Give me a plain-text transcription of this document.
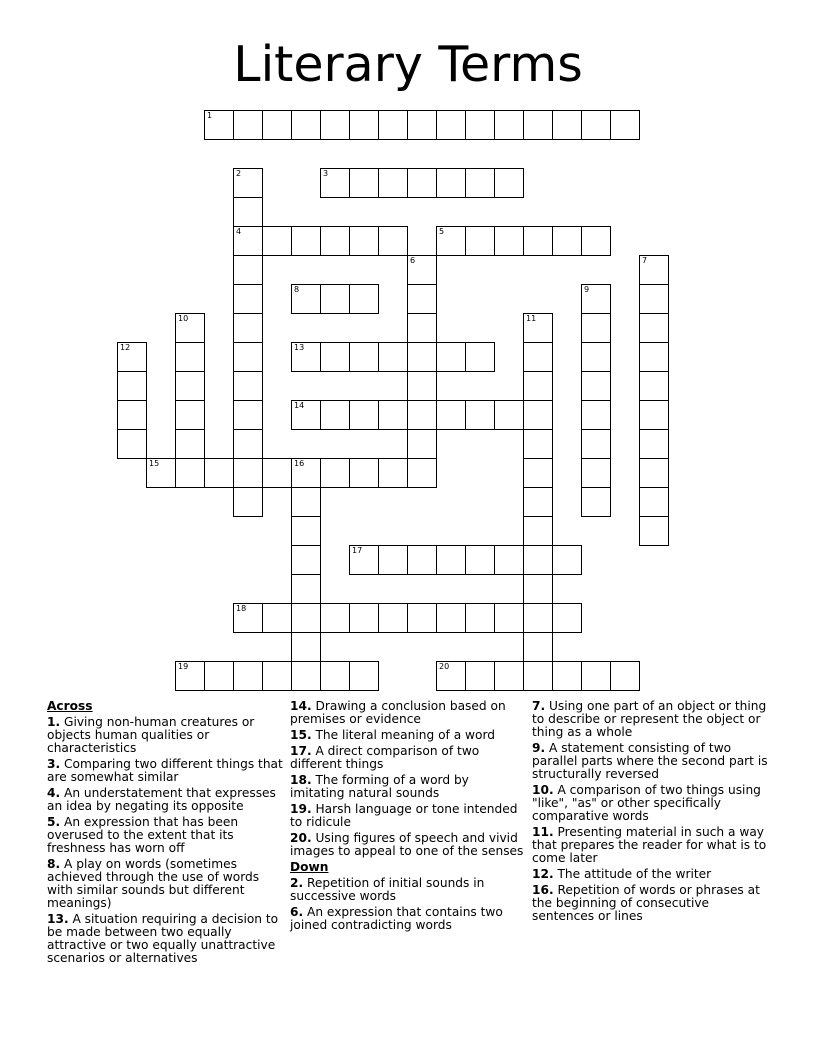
Literary Terms
1
2
4
3
5
6	7
8	9
10	11
12	13
14
15	16
17
18
19	20
Across
1. Giving non-human creatures or objects human qualities or characteristics
3. Comparing two different things that are somewhat similar
4. An understatement that expresses an idea by negating its opposite
5. An expression that has been overused to the extent that its freshness has worn off
8. A play on words (sometimes achieved through the use of words with similar sounds but different meanings)
13. A situation requiring a decision to be made between two equally attractive or two equally unattractive scenarios or alternatives
14. Drawing a conclusion based on premises or evidence
15. The literal meaning of a word
17. A direct comparison of two different things
18. The forming of a word by imitating natural sounds
19. Harsh language or tone intended to ridicule
20. Using figures of speech and vivid images to appeal to one of the senses
Down
2. Repetition of initial sounds in successive words
6. An expression that contains two joined contradicting words
7. Using one part of an object or thing to describe or represent the object or thing as a whole
9. A statement consisting of two parallel parts where the second part is structurally reversed
10. A comparison of two things using "like", "as" or other specifically comparative words
11. Presenting material in such a way that prepares the reader for what is to come later
12. The attitude of the writer
16. Repetition of words or phrases at the beginning of consecutive sentences or lines
